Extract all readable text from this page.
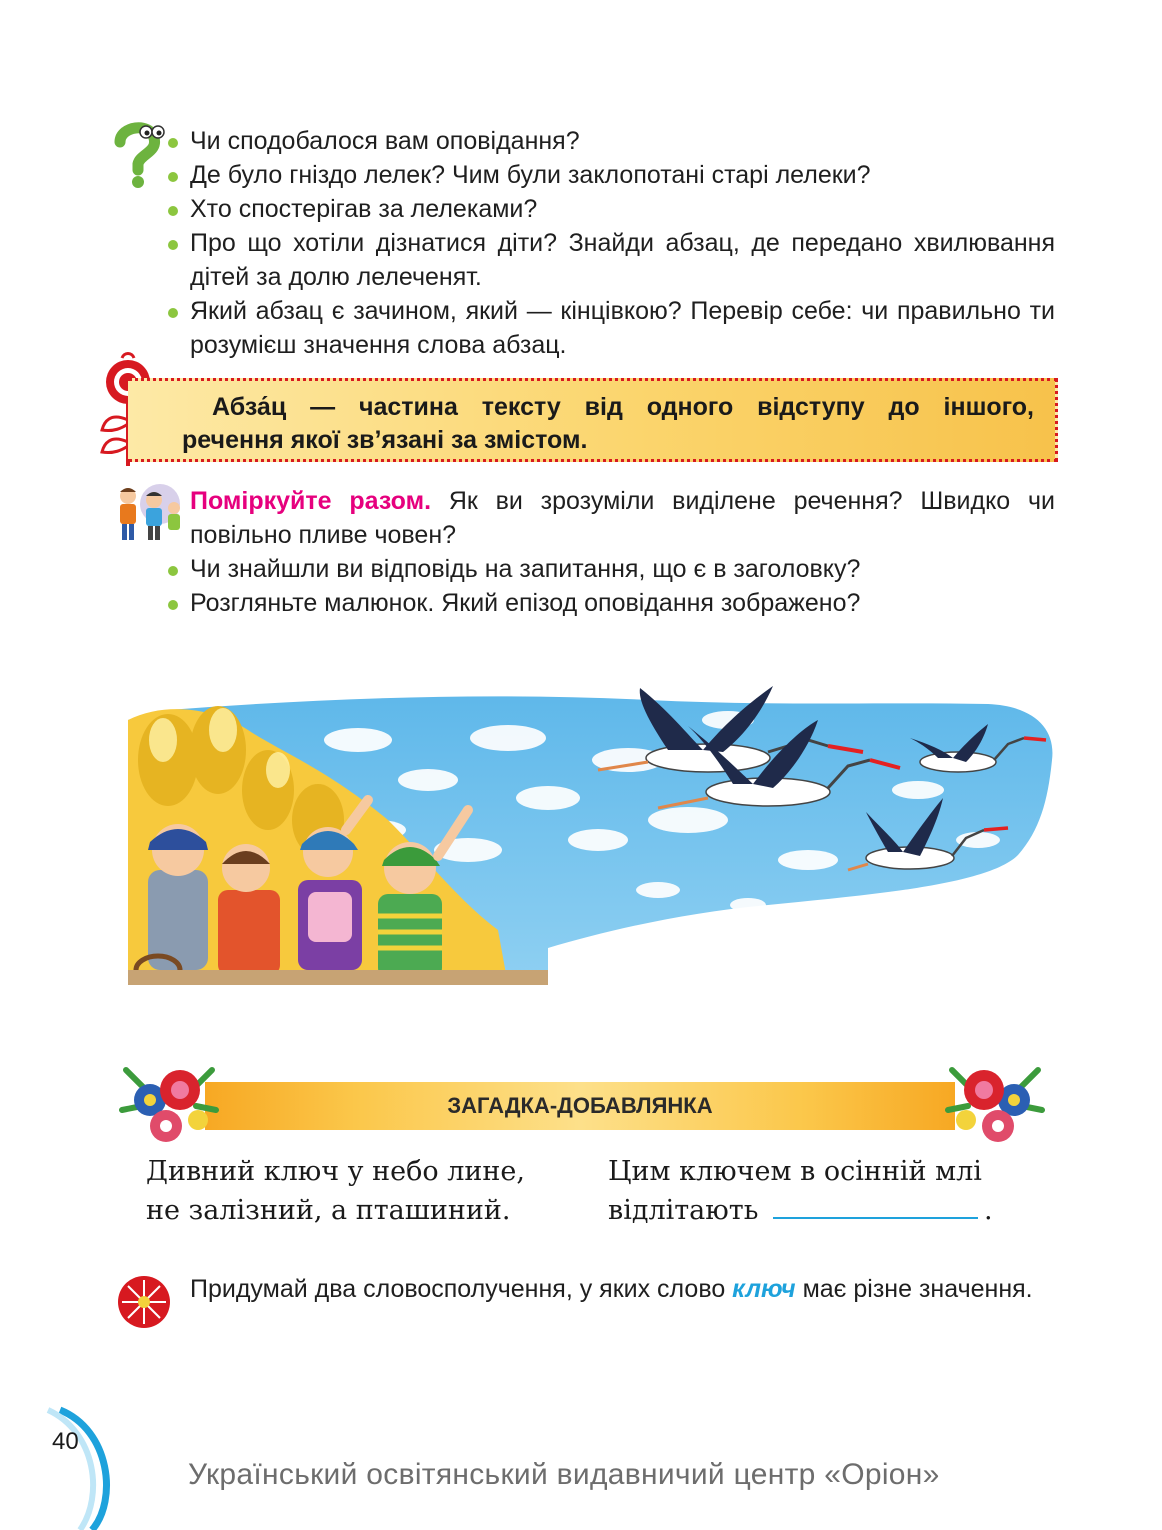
Чи сподобалося вам оповідання?
Де було гніздо лелек? Чим були заклопотані старі лелеки?
Хто спостерігав за лелеками?
Про що хотіли дізнатися діти? Знайди абзац, де передано хвилювання дітей за долю лелеченят.
Який абзац є зачином, який — кінцівкою? Перевір себе: чи правильно ти розумієш значення слова абзац.
Абза́ц — частина тексту від одного відступу до іншого,
речення якої зв’язані за змістом.
Поміркуйте разом. Як ви зрозуміли виділене речення? Швидко чи повільно пливе човен?
Чи знайшли ви відповідь на запитання, що є в заголовку?
Розгляньте малюнок. Який епізод оповідання зображено?
ЗАГАДКА-ДОБАВЛЯНКА
Дивний ключ у небо лине,
не залізний, а пташиний.
Цим ключем в осінній млі
відлітають	.
Придумай два словосполучення, у яких слово ключ має різне значення.
40
Український освітянський видавничий центр «Оріон»
